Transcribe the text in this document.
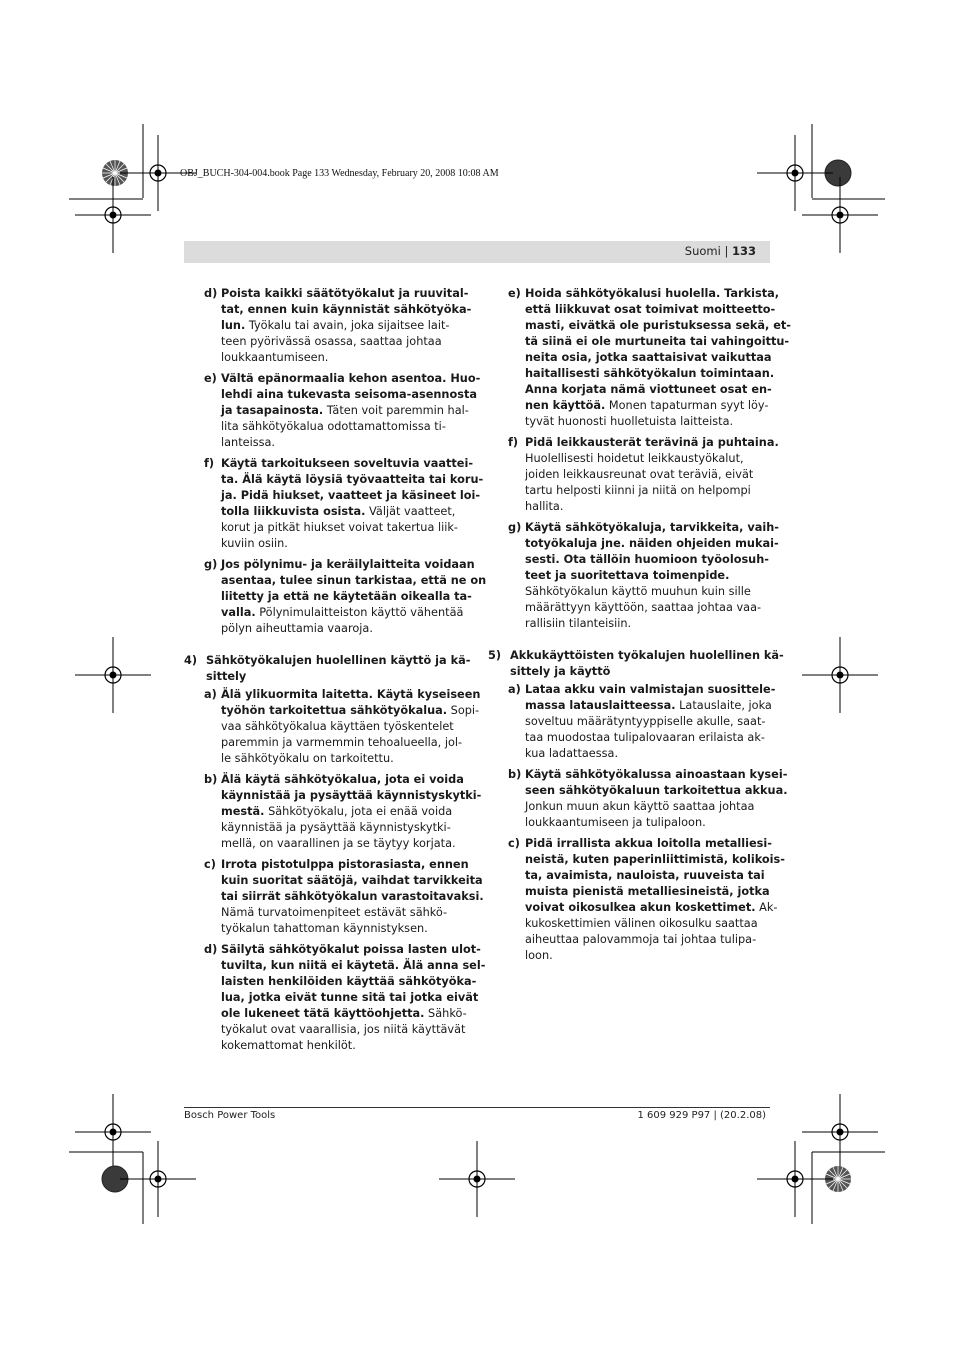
OBJ_BUCH-304-004.book Page 133 Wednesday, February 20, 2008 10:08 AM
Suomi | 133
d) Poista kaikki säätötyökalut ja ruuvital-
tat, ennen kuin käynnistät sähkötyöka-
lun. Työkalu tai avain, joka sijaitsee lait-
teen pyörivässä osassa, saattaa johtaa
loukkaantumiseen.
e) Vältä epänormaalia kehon asentoa. Huo-
lehdi aina tukevasta seisoma-asennosta
ja tasapainosta. Täten voit paremmin hal-
lita sähkötyökalua odottamattomissa ti-
lanteissa.
f) Käytä tarkoitukseen soveltuvia vaattei-
ta. Älä käytä löysiä työvaatteita tai koru-
ja. Pidä hiukset, vaatteet ja käsineet loi-
tolla liikkuvista osista. Väljät vaatteet,
korut ja pitkät hiukset voivat takertua liik-
kuviin osiin.
g) Jos pölynimu- ja keräilylaitteita voidaan
asentaa, tulee sinun tarkistaa, että ne on
liitetty ja että ne käytetään oikealla ta-
valla. Pölynimulaitteiston käyttö vähentää
pölyn aiheuttamia vaaroja.
4) Sähkötyökalujen huolellinen käyttö ja kä-
sittely
a) Älä ylikuormita laitetta. Käytä kyseiseen
työhön tarkoitettua sähkötyökalua. Sopi-
vaa sähkötyökalua käyttäen työskentelet
paremmin ja varmemmin tehoalueella, jol-
le sähkötyökalu on tarkoitettu.
b) Älä käytä sähkötyökalua, jota ei voida
käynnistää ja pysäyttää käynnistyskytki-
mestä. Sähkötyökalu, jota ei enää voida
käynnistää ja pysäyttää käynnistyskytki-
mellä, on vaarallinen ja se täytyy korjata.
c) Irrota pistotulppa pistorasiasta, ennen
kuin suoritat säätöjä, vaihdat tarvikkeita
tai siirrät sähkötyökalun varastoitavaksi.
Nämä turvatoimenpiteet estävät sähkö-
työkalun tahattoman käynnistyksen.
d) Säilytä sähkötyökalut poissa lasten ulot-
tuvilta, kun niitä ei käytetä. Älä anna sel-
laisten henkilöiden käyttää sähkötyöka-
lua, jotka eivät tunne sitä tai jotka eivät
ole lukeneet tätä käyttöohjetta. Sähkö-
työkalut ovat vaarallisia, jos niitä käyttävät
kokemattomat henkilöt.
e) Hoida sähkötyökalusi huolella. Tarkista,
että liikkuvat osat toimivat moitteetto-
masti, eivätkä ole puristuksessa sekä, et-
tä siinä ei ole murtuneita tai vahingoittu-
neita osia, jotka saattaisivat vaikuttaa
haitallisesti sähkötyökalun toimintaan.
Anna korjata nämä viottuneet osat en-
nen käyttöä. Monen tapaturman syyt löy-
tyvät huonosti huolletuista laitteista.
f) Pidä leikkausterät terävinä ja puhtaina.
Huolellisesti hoidetut leikkaustyökalut,
joiden leikkausreunat ovat teräviä, eivät
tartu helposti kiinni ja niitä on helpompi
hallita.
g) Käytä sähkötyökaluja, tarvikkeita, vaih-
totyökaluja jne. näiden ohjeiden mukai-
sesti. Ota tällöin huomioon työolosuh-
teet ja suoritettava toimenpide.
Sähkötyökalun käyttö muuhun kuin sille
määrättyyn käyttöön, saattaa johtaa vaa-
rallisiin tilanteisiin.
5) Akkukäyttöisten työkalujen huolellinen kä-
sittely ja käyttö
a) Lataa akku vain valmistajan suosittele-
massa latauslaitteessa. Latauslaite, joka
soveltuu määrätyntyyppiselle akulle, saat-
taa muodostaa tulipalovaaran erilaista ak-
kua ladattaessa.
b) Käytä sähkötyökalussa ainoastaan kysei-
seen sähkötyökaluun tarkoitettua akkua.
Jonkun muun akun käyttö saattaa johtaa
loukkaantumiseen ja tulipaloon.
c) Pidä irrallista akkua loitolla metalliesi-
neistä, kuten paperinliittimistä, kolikois-
ta, avaimista, nauloista, ruuveista tai
muista pienistä metalliesineistä, jotka
voivat oikosulkea akun koskettimet. Ak-
kukoskettimien välinen oikosulku saattaa
aiheuttaa palovammoja tai johtaa tulipa-
loon.
Bosch Power Tools	1 609 929 P97 | (20.2.08)
